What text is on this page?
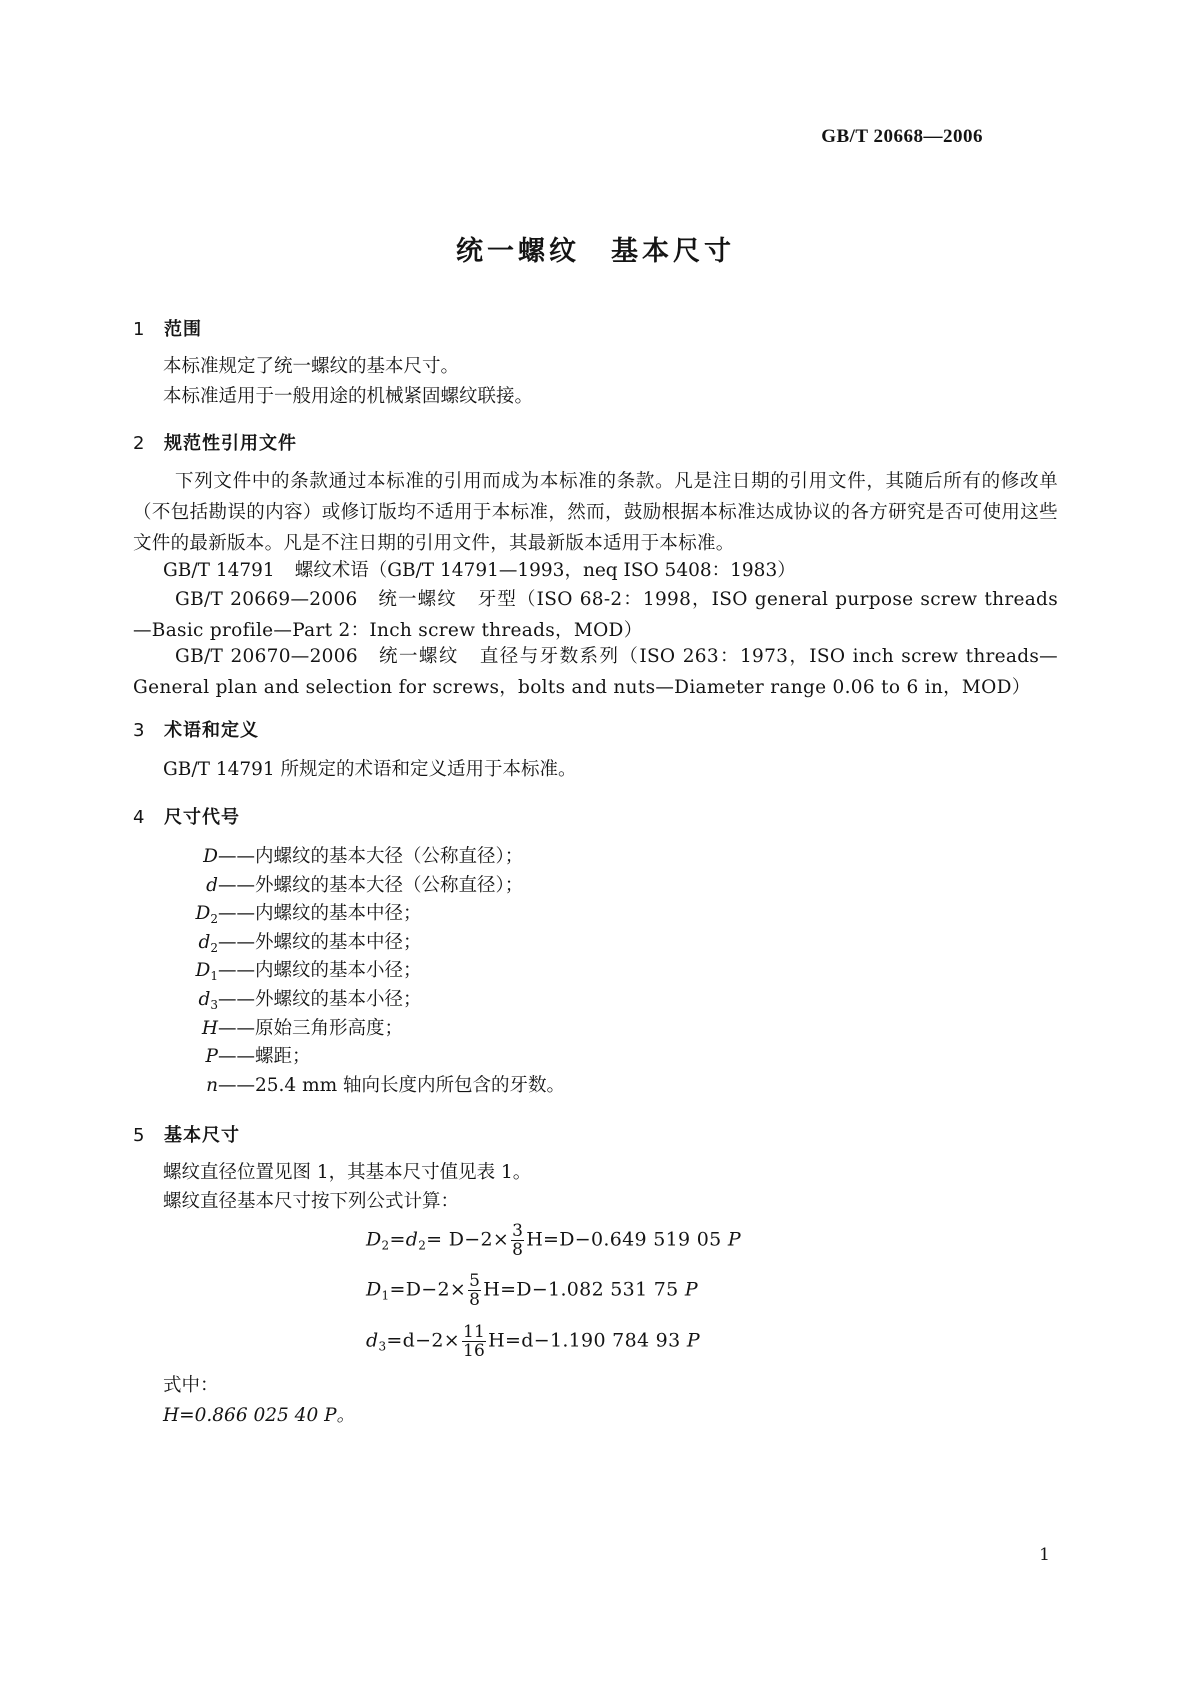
GB/T 20668—2006
统一螺纹　基本尺寸
1 范围
本标准规定了统一螺纹的基本尺寸。
本标准适用于一般用途的机械紧固螺纹联接。
2 规范性引用文件
下列文件中的条款通过本标准的引用而成为本标准的条款。凡是注日期的引用文件，其随后所有的修改单（不包括勘误的内容）或修订版均不适用于本标准，然而，鼓励根据本标准达成协议的各方研究是否可使用这些文件的最新版本。凡是不注日期的引用文件，其最新版本适用于本标准。
GB/T 14791 螺纹术语（GB/T 14791—1993，neq ISO 5408：1983）
GB/T 20669—2006 统一螺纹 牙型（ISO 68-2：1998，ISO general purpose screw threads —Basic profile—Part 2：Inch screw threads，MOD）
GB/T 20670—2006 统一螺纹 直径与牙数系列（ISO 263：1973，ISO inch screw threads—General plan and selection for screws，bolts and nuts—Diameter range 0.06 to 6 in，MOD）
3 术语和定义
GB/T 14791 所规定的术语和定义适用于本标准。
4 尺寸代号
D——内螺纹的基本大径（公称直径）；
d——外螺纹的基本大径（公称直径）；
$D_2——$内螺纹的基本中径；
$d_2——$外螺纹的基本中径；
$D_1——$内螺纹的基本小径；
$d_3——$外螺纹的基本小径；
H——原始三角形高度；
P——螺距；
n——25.4 mm 轴向长度内所包含的牙数。
5 基本尺寸
螺纹直径位置见图 1，其基本尺寸值见表 1。
螺纹直径基本尺寸按下列公式计算：
$D_2=d_2= D-2\times \frac{3}{8} H=D-0.649$ 519 05 P
$D_1=D-2\times \frac{5}{8} H=D-1.082$ 531 75 P
$d_3=d-2\times \frac{11}{16} H=d-1.190$ 784 93 P
式中：
H=0.866 025 40 P。
1
